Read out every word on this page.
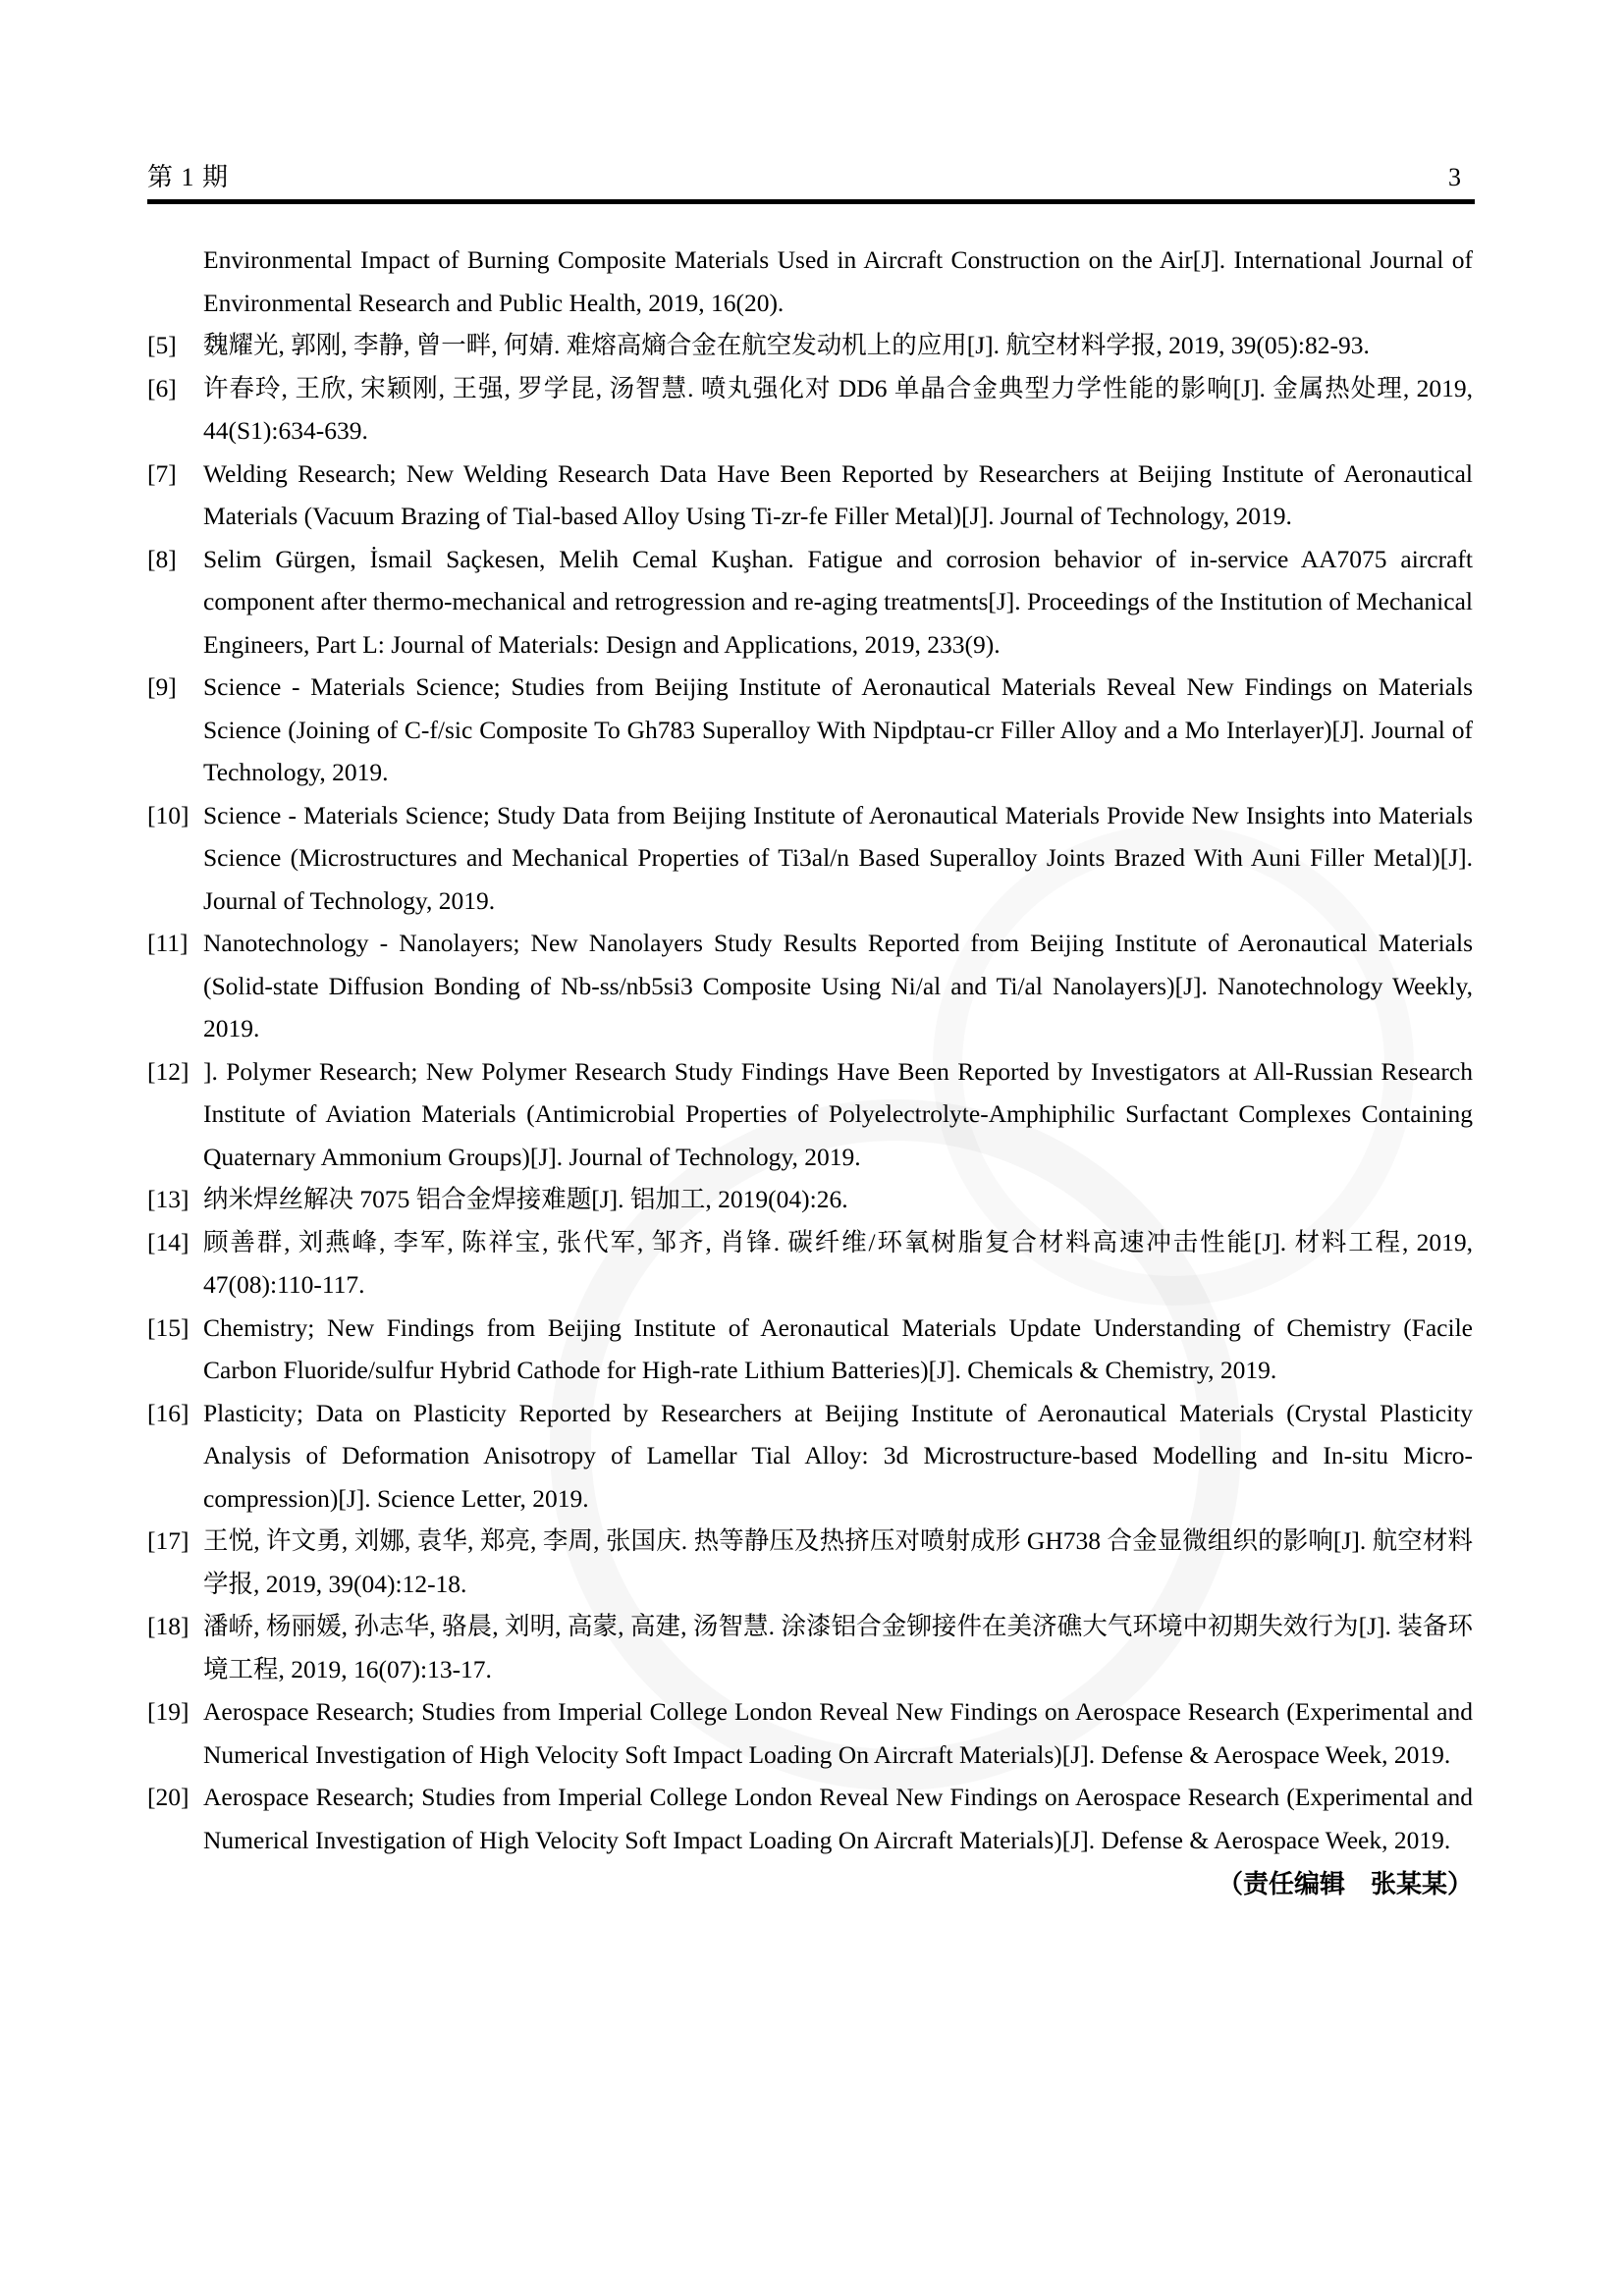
第 1 期	3
Environmental Impact of Burning Composite Materials Used in Aircraft Construction on the Air[J]. International Journal of Environmental Research and Public Health, 2019, 16(20).
[5] 魏耀光, 郭刚, 李静, 曾一畔, 何婧. 难熔高熵合金在航空发动机上的应用[J]. 航空材料学报, 2019, 39(05):82-93.
[6] 许春玲, 王欣, 宋颖刚, 王强, 罗学昆, 汤智慧. 喷丸强化对 DD6 单晶合金典型力学性能的影响[J]. 金属热处理, 2019, 44(S1):634-639.
[7] Welding Research; New Welding Research Data Have Been Reported by Researchers at Beijing Institute of Aeronautical Materials (Vacuum Brazing of Tial-based Alloy Using Ti-zr-fe Filler Metal)[J]. Journal of Technology, 2019.
[8] Selim Gürgen, İsmail Saçkesen, Melih Cemal Kuşhan. Fatigue and corrosion behavior of in-service AA7075 aircraft component after thermo-mechanical and retrogression and re-aging treatments[J]. Proceedings of the Institution of Mechanical Engineers, Part L: Journal of Materials: Design and Applications, 2019, 233(9).
[9] Science - Materials Science; Studies from Beijing Institute of Aeronautical Materials Reveal New Findings on Materials Science (Joining of C-f/sic Composite To Gh783 Superalloy With Nipdptau-cr Filler Alloy and a Mo Interlayer)[J]. Journal of Technology, 2019.
[10] Science - Materials Science; Study Data from Beijing Institute of Aeronautical Materials Provide New Insights into Materials Science (Microstructures and Mechanical Properties of Ti3al/n Based Superalloy Joints Brazed With Auni Filler Metal)[J]. Journal of Technology, 2019.
[11] Nanotechnology - Nanolayers; New Nanolayers Study Results Reported from Beijing Institute of Aeronautical Materials (Solid-state Diffusion Bonding of Nb-ss/nb5si3 Composite Using Ni/al and Ti/al Nanolayers)[J]. Nanotechnology Weekly, 2019.
[12] ]. Polymer Research; New Polymer Research Study Findings Have Been Reported by Investigators at All-Russian Research Institute of Aviation Materials (Antimicrobial Properties of Polyelectrolyte-Amphiphilic Surfactant Complexes Containing Quaternary Ammonium Groups)[J]. Journal of Technology, 2019.
[13] 纳米焊丝解决 7075 铝合金焊接难题[J]. 铝加工, 2019(04):26.
[14] 顾善群, 刘燕峰, 李军, 陈祥宝, 张代军, 邹齐, 肖锋. 碳纤维/环氧树脂复合材料高速冲击性能[J]. 材料工程, 2019, 47(08):110-117.
[15] Chemistry; New Findings from Beijing Institute of Aeronautical Materials Update Understanding of Chemistry (Facile Carbon Fluoride/sulfur Hybrid Cathode for High-rate Lithium Batteries)[J]. Chemicals & Chemistry, 2019.
[16] Plasticity; Data on Plasticity Reported by Researchers at Beijing Institute of Aeronautical Materials (Crystal Plasticity Analysis of Deformation Anisotropy of Lamellar Tial Alloy: 3d Microstructure-based Modelling and In-situ Micro-compression)[J]. Science Letter, 2019.
[17] 王悦, 许文勇, 刘娜, 袁华, 郑亮, 李周, 张国庆. 热等静压及热挤压对喷射成形 GH738 合金显微组织的影响[J]. 航空材料学报, 2019, 39(04):12-18.
[18] 潘峤, 杨丽媛, 孙志华, 骆晨, 刘明, 高蒙, 高建, 汤智慧. 涂漆铝合金铆接件在美济礁大气环境中初期失效行为[J]. 装备环境工程, 2019, 16(07):13-17.
[19] Aerospace Research; Studies from Imperial College London Reveal New Findings on Aerospace Research (Experimental and Numerical Investigation of High Velocity Soft Impact Loading On Aircraft Materials)[J]. Defense & Aerospace Week, 2019.
[20] Aerospace Research; Studies from Imperial College London Reveal New Findings on Aerospace Research (Experimental and Numerical Investigation of High Velocity Soft Impact Loading On Aircraft Materials)[J]. Defense & Aerospace Week, 2019.
（责任编辑　张某某）
